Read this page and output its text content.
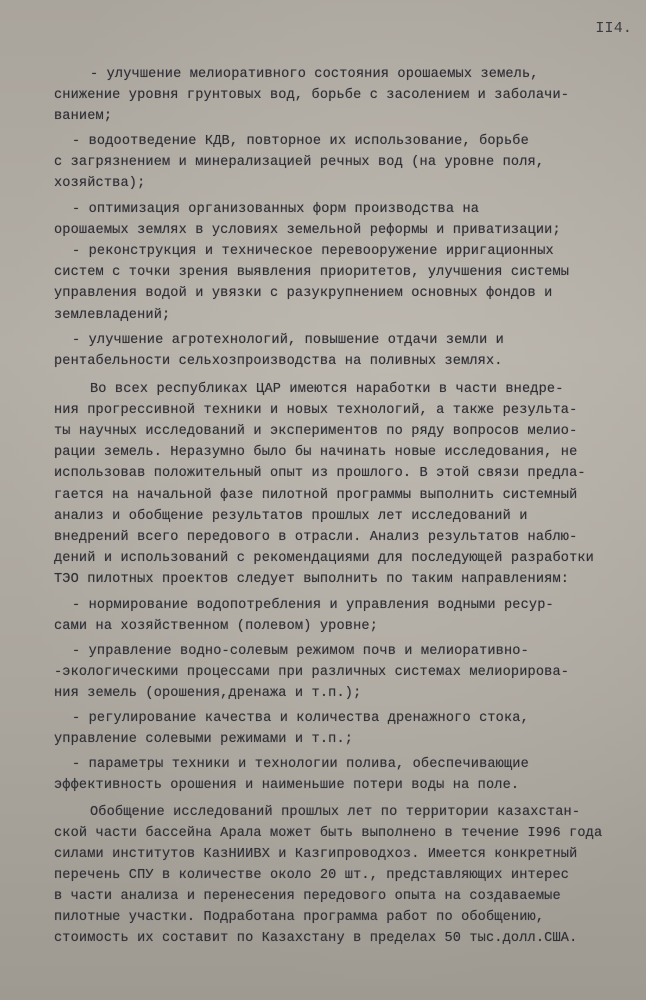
II4.
- улучшение мелиоративного состояния орошаемых земель,
снижение уровня грунтовых вод, борьбе с засолением и заболачи-
ванием;
- водоотведение КДВ, повторное их использование, борьбе
с загрязнением и минерализацией речных вод (на уровне поля,
хозяйства);
- оптимизация организованных форм производства на
орошаемых землях в условиях земельной реформы и приватизации;
- реконструкция и техническое перевооружение ирригационных
систем с точки зрения выявления приоритетов, улучшения системы
управления водой и увязки с разукрупнением основных фондов и
землевладений;
- улучшение агротехнологий, повышение отдачи земли и
рентабельности сельхозпроизводства на поливных землях.
Во всех республиках ЦАР имеются наработки в части внедре-
ния прогрессивной техники и новых технологий, а также результа-
ты научных исследований и экспериментов по ряду вопросов мелио-
рации земель. Неразумно было бы начинать новые исследования, не
использовав положительный опыт из прошлого. В этой связи предла-
гается на начальной фазе пилотной программы выполнить системный
анализ и обобщение результатов прошлых лет исследований и
внедрений всего передового в отрасли. Анализ результатов наблю-
дений и использований с рекомендациями для последующей разработки
ТЭО пилотных проектов следует выполнить по таким направлениям:
- нормирование водопотребления и управления водными ресур-
сами на хозяйственном (полевом) уровне;
- управление водно-солевым режимом почв и мелиоративно-
-экологическими процессами при различных системах мелиорирова-
ния земель (орошения,дренажа и т.п.);
- регулирование качества и количества дренажного стока,
управление солевыми режимами и т.п.;
- параметры техники и технологии полива, обеспечивающие
эффективность орошения и наименьшие потери воды на поле.
Обобщение исследований прошлых лет по территории казахстан-
ской части бассейна Арала может быть выполнено в течение I996 года
силами институтов КазНИИВХ и Казгипроводхоз. Имеется конкретный
перечень СПУ в количестве около 20 шт., представляющих интерес
в части анализа и перенесения передового опыта на создаваемые
пилотные участки. Подработана программа работ по обобщению,
стоимость их составит по Казахстану в пределах 50 тыс.долл.США.
